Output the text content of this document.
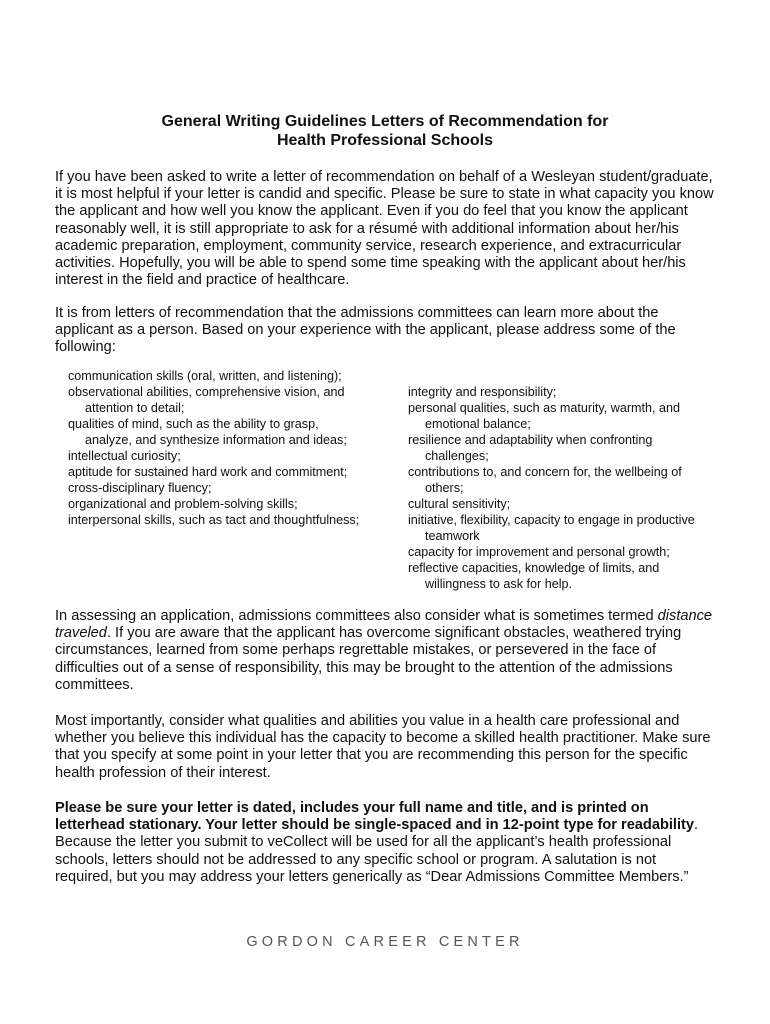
General Writing Guidelines Letters of Recommendation for
Health Professional Schools
If you have been asked to write a letter of recommendation on behalf of a Wesleyan student/graduate, it is most helpful if your letter is candid and specific. Please be sure to state in what capacity you know the applicant and how well you know the applicant. Even if you do feel that you know the applicant reasonably well, it is still appropriate to ask for a résumé with additional information about her/his academic preparation, employment, community service, research experience, and extracurricular activities. Hopefully, you will be able to spend some time speaking with the applicant about her/his interest in the field and practice of healthcare.
It is from letters of recommendation that the admissions committees can learn more about the applicant as a person. Based on your experience with the applicant, please address some of the following:
communication skills (oral, written, and listening);
observational abilities, comprehensive vision, and attention to detail;
qualities of mind, such as the ability to grasp, analyze, and synthesize information and ideas;
intellectual curiosity;
aptitude for sustained hard work and commitment;
cross-disciplinary fluency;
organizational and problem-solving skills;
interpersonal skills, such as tact and thoughtfulness;
integrity and responsibility;
personal qualities, such as maturity, warmth, and emotional balance;
resilience and adaptability when confronting challenges;
contributions to, and concern for, the wellbeing of others;
cultural sensitivity;
initiative, flexibility, capacity to engage in productive teamwork
capacity for improvement and personal growth;
reflective capacities, knowledge of limits, and willingness to ask for help.
In assessing an application, admissions committees also consider what is sometimes termed distance traveled. If you are aware that the applicant has overcome significant obstacles, weathered trying circumstances, learned from some perhaps regrettable mistakes, or persevered in the face of difficulties out of a sense of responsibility, this may be brought to the attention of the admissions committees.
Most importantly, consider what qualities and abilities you value in a health care professional and whether you believe this individual has the capacity to become a skilled health practitioner. Make sure that you specify at some point in your letter that you are recommending this person for the specific health profession of their interest.
Please be sure your letter is dated, includes your full name and title, and is printed on letterhead stationary. Your letter should be single-spaced and in 12-point type for readability. Because the letter you submit to veCollect will be used for all the applicant’s health professional schools, letters should not be addressed to any specific school or program. A salutation is not required, but you may address your letters generically as “Dear Admissions Committee Members.”
GORDON CAREER CENTER
